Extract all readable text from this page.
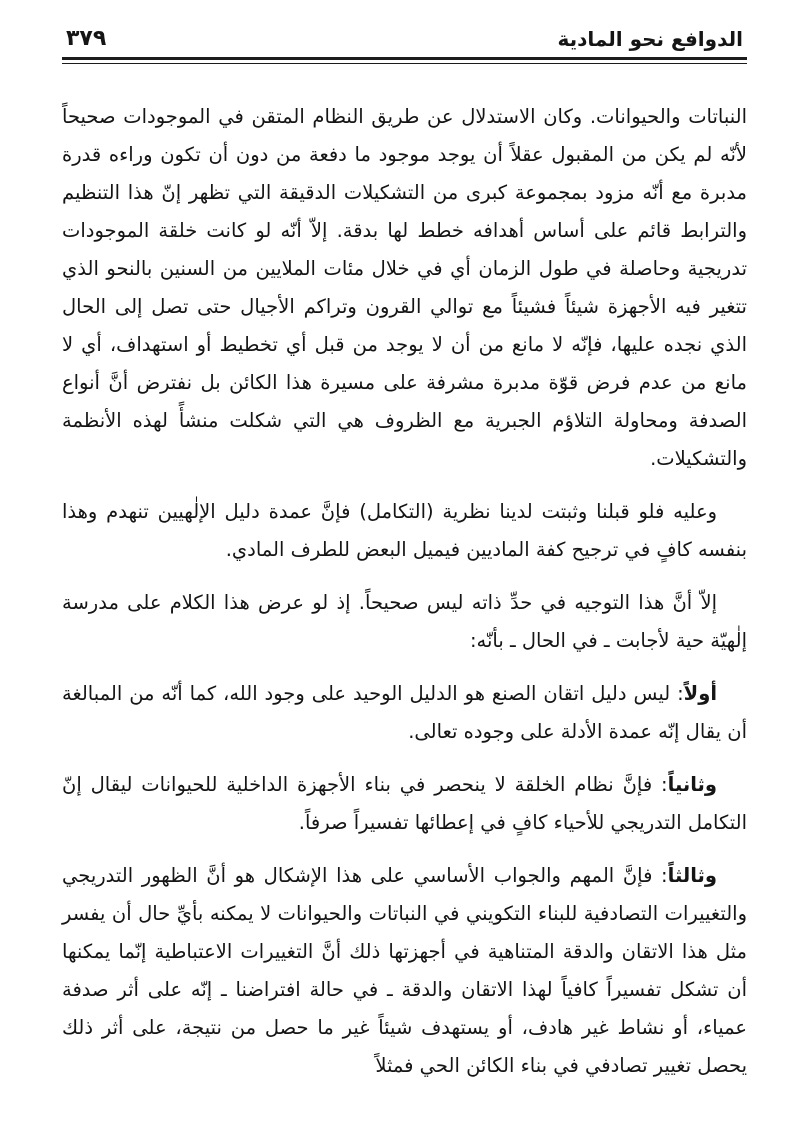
الدوافع نحو المادية
٣٧٩

النباتات والحيوانات. وكان الاستدلال عن طريق النظام المتقن في الموجودات صحيحاً لأنّه لم يكن من المقبول عقلاً أن يوجد موجود ما دفعة من دون أن تكون وراءه قدرة مدبرة مع أنّه مزود بمجموعة كبرى من التشكيلات الدقيقة التي تظهر إنّ هذا التنظيم والترابط قائم على أساس أهدافه خطط لها بدقة. إلاّ أنّه لو كانت خلقة الموجودات تدريجية وحاصلة في طول الزمان أي في خلال مئات الملايين من السنين بالنحو الذي تتغير فيه الأجهزة شيئاً فشيئاً مع توالي القرون وتراكم الأجيال حتى تصل إلى الحال الذي نجده عليها، فإنّه لا مانع من أن لا يوجد من قبل أي تخطيط أو استهداف، أي لا مانع من عدم فرض قوّة مدبرة مشرفة على مسيرة هذا الكائن بل نفترض أنَّ أنواع الصدفة ومحاولة التلاؤم الجبرية مع الظروف هي التي شكلت منشأً لهذه الأنظمة والتشكيلات.

وعليه فلو قبلنا وثبتت لدينا نظرية (التكامل) فإنَّ عمدة دليل الإلٰهيين تنهدم وهذا بنفسه كافٍ في ترجيح كفة الماديين فيميل البعض للطرف المادي.

إلاّ أنَّ هذا التوجيه في حدِّ ذاته ليس صحيحاً. إذ لو عرض هذا الكلام على مدرسة إلٰهيّة حية لأجابت ـ في الحال ـ بأنّه:

أولاً: ليس دليل اتقان الصنع هو الدليل الوحيد على وجود الله، كما أنّه من المبالغة أن يقال إنّه عمدة الأدلة على وجوده تعالى.

وثانياً: فإنَّ نظام الخلقة لا ينحصر في بناء الأجهزة الداخلية للحيوانات ليقال إنّ التكامل التدريجي للأحياء كافٍ في إعطائها تفسيراً صرفاً.

وثالثاً: فإنَّ المهم والجواب الأساسي على هذا الإشكال هو أنَّ الظهور التدريجي والتغييرات التصادفية للبناء التكويني في النباتات والحيوانات لا يمكنه بأيِّ حال أن يفسر مثل هذا الاتقان والدقة المتناهية في أجهزتها ذلك أنَّ التغييرات الاعتباطية إنّما يمكنها أن تشكل تفسيراً كافياً لهذا الاتقان والدقة ـ في حالة افتراضنا ـ إنّه على أثر صدفة عمياء، أو نشاط غير هادف، أو يستهدف شيئاً غير ما حصل من نتيجة، على أثر ذلك يحصل تغيير تصادفي في بناء الكائن الحي فمثلاً
